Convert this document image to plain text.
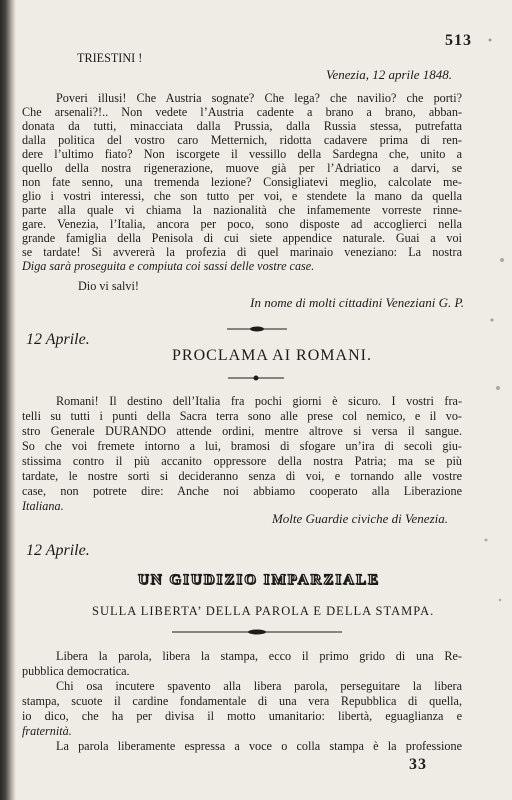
513
TRIESTINI !
Venezia, 12 aprile 1848.
Poveri illusi! Che Austria sognate? Che lega? che navilio? che porti?
Che arsenali?!.. Non vedete l’Austria cadente a brano a brano, abban-
donata da tutti, minacciata dalla Prussia, dalla Russia stessa, putrefatta
dalla politica del vostro caro Metternich, ridotta cadavere prima di ren-
dere l’ultimo fiato? Non iscorgete il vessillo della Sardegna che, unito a
quello della nostra rigenerazione, muove già per l’Adriatico a darvi, se
non fate senno, una tremenda lezione? Consigliatevi meglio, calcolate me-
glio i vostri interessi, che son tutto per voi, e stendete la mano da quella
parte alla quale vi chiama la nazionalità che infamemente vorreste rinne-
gare. Venezia, l’Italia, ancora per poco, sono disposte ad accoglierci nella
grande famiglia della Penisola di cui siete appendice naturale. Guai a voi
se tardate! Si avvererà la profezia di quel marinaio veneziano: La nostra
Diga sarà proseguita e compiuta coi sassi delle vostre case.
Dio vi salvi!
In nome di molti cittadini Veneziani G. P.
12 Aprile.
PROCLAMA AI ROMANI.
Romani! Il destino dell’Italia fra pochi giorni è sicuro. I vostri fra-
telli su tutti i punti della Sacra terra sono alle prese col nemico, e il vo-
stro Generale DURANDO attende ordini, mentre altrove si versa il sangue.
So che voi fremete intorno a lui, bramosi di sfogare un’ira di secoli giu-
stissima contro il più accanito oppressore della nostra Patria; ma se più
tardate, le nostre sorti si decideranno senza di voi, e tornando alle vostre
case, non potrete dire: Anche noi abbiamo cooperato alla Liberazione
Italiana.
Molte Guardie civiche di Venezia.
12 Aprile.
UN GIUDIZIO IMPARZIALE
SULLA LIBERTA’ DELLA PAROLA E DELLA STAMPA.
Libera la parola, libera la stampa, ecco il primo grido di una Re-
pubblica democratica.
Chi osa incutere spavento alla libera parola, perseguitare la libera
stampa, scuote il cardine fondamentale di una vera Repubblica di quella,
io dico, che ha per divisa il motto umanitario: libertà, eguaglianza e
fraternità.
La parola liberamente espressa a voce o colla stampa è la professione
33
